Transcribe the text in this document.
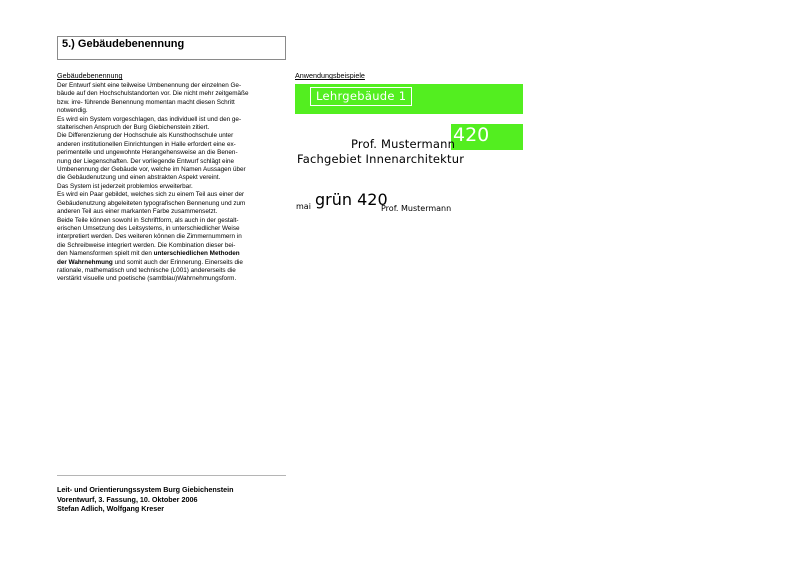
5.) Gebäudebenennung
Gebäudebenennung

Der Entwurf sieht eine teilweise Umbenennung der einzelnen Ge-
bäude auf den Hochschulstandorten vor. Die nicht mehr zeitgemäße
bzw. irre- führende Benennung momentan macht diesen Schritt
notwendig.

Es wird ein System vorgeschlagen, das individuell ist und den ge-
stalterischen Anspruch der Burg Giebichenstein zitiert.

Die Differenzierung der Hochschule als Kunsthochschule unter
anderen institutionellen Einrichtungen in Halle erfordert eine ex-
perimentelle und ungewohnte Herangehensweise an die Benen-
nung der Liegenschaften. Der vorliegende Entwurf schlägt eine
Umbenennung der Gebäude vor, welche im Namen Aussagen über
die Gebäudenutzung und einen abstrakten Aspekt vereint.

Das System ist jederzeit problemlos erweiterbar.

Es wird ein Paar gebildet, welches sich zu einem Teil aus einer der
Gebäudenutzung abgeleiteten typografischen Bennenung und zum
anderen Teil aus einer markanten Farbe zusammensetzt.

Beide Teile können sowohl in Schriftform, als auch in der gestalt-
erischen Umsetzung des Leitsystems, in unterschiedlicher Weise
interpretiert werden. Des weiteren können die Zimmernummern in
die Schreibweise integriert werden. Die Kombination dieser bei-
den Namensformen spielt mit den unterschiedlichen Methoden
der Wahrnehmung und somit auch der Erinnerung. Einerseits die
rationale, mathematisch und technische (L001) andererseits die
verstärkt visuelle und poetische (samtblau)Wahrnehmungsform.

Anwendungsbeispiele
Lehrgebäude 1
420
Prof. Mustermann
Fachgebiet Innenarchitektur
mai grün 420
Prof. Mustermann
Leit- und Orientierungssystem Burg Giebichenstein
Vorentwurf, 3. Fassung, 10. Oktober 2006
Stefan Adlich, Wolfgang Kreser
